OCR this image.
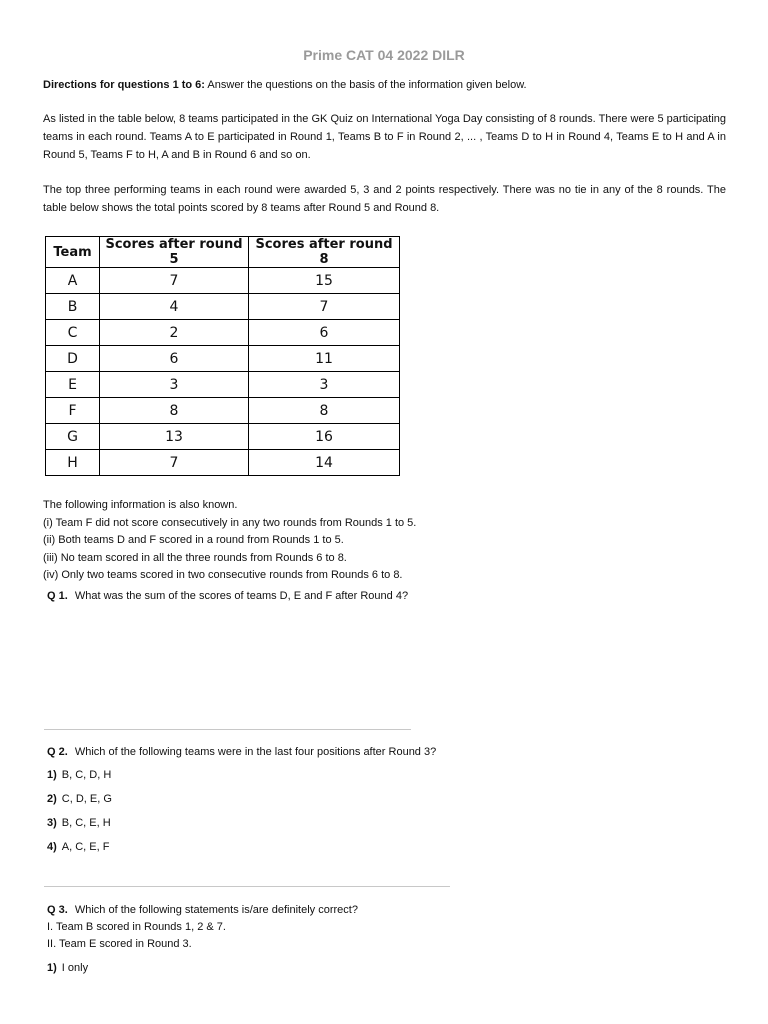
Prime CAT 04 2022 DILR

Directions for questions 1 to 6: Answer the questions on the basis of the information given below.

As listed in the table below, 8 teams participated in the GK Quiz on International Yoga Day consisting of 8 rounds. There were 5 participating teams in each round. Teams A to E participated in Round 1, Teams B to F in Round 2, ... , Teams D to H in Round 4, Teams E to H and A in Round 5, Teams F to H, A and B in Round 6 and so on.

The top three performing teams in each round were awarded 5, 3 and 2 points respectively. There was no tie in any of the 8 rounds. The table below shows the total points scored by 8 teams after Round 5 and Round 8.

Team	Scores after round 5	Scores after round 8
A	7	15
B	4	7
C	2	6
D	6	11
E	3	3
F	8	8
G	13	16
H	7	14
The following information is also known.
(i) Team F did not score consecutively in any two rounds from Rounds 1 to 5.
(ii) Both teams D and F scored in a round from Rounds 1 to 5.
(iii) No team scored in all the three rounds from Rounds 6 to 8.
(iv) Only two teams scored in two consecutive rounds from Rounds 6 to 8.
Q 1. What was the sum of the scores of teams D, E and F after Round 4?
Q 2. Which of the following teams were in the last four positions after Round 3?
1) B, C, D, H
2) C, D, E, G
3) B, C, E, H
4) A, C, E, F
Q 3. Which of the following statements is/are definitely correct?
I. Team B scored in Rounds 1, 2 & 7.
II. Team E scored in Round 3.
1) I only
